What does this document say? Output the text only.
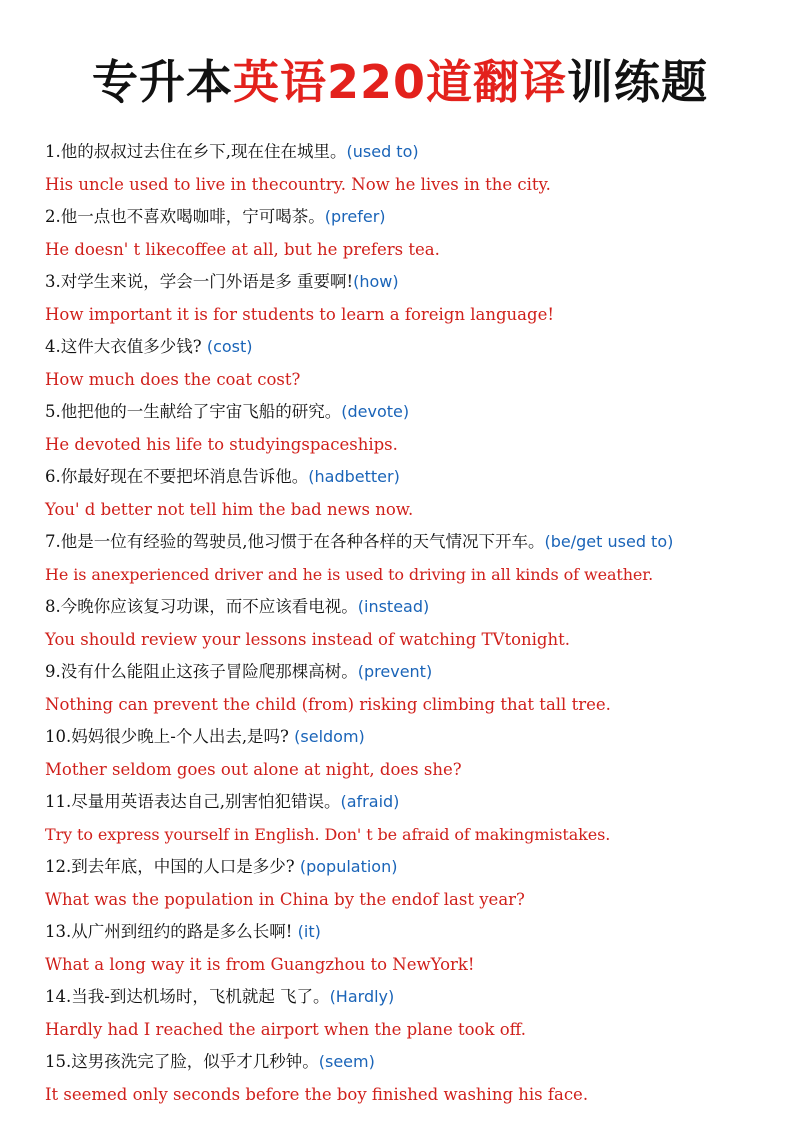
专升本英语220道翻译训练题
1.他的叔叔过去住在乡下,现在住在城里。(used to)
His uncle used to live in thecountry. Now he lives in the city.
2.他一点也不喜欢喝咖啡，宁可喝茶。(prefer)
He doesn' t likecoffee at all, but he prefers tea.
3.对学生来说，学会一门外语是多 重要啊!(how)
How important it is for students to learn a foreign language!
4.这件大衣值多少钱? (cost)
How much does the coat cost?
5.他把他的一生献给了宇宙飞船的研究。(devote)
He devoted his life to studyingspaceships.
6.你最好现在不要把坏消息告诉他。(hadbetter)
You' d better not tell him the bad news now.
7.他是一位有经验的驾驶员,他习惯于在各种各样的天气情况下开车。(be/get used to)
He is anexperienced driver and he is used to driving in all kinds of weather.
8.今晚你应该复习功课，而不应该看电视。(instead)
You should review your lessons instead of watching TVtonight.
9.没有什么能阻止这孩子冒险爬那棵高树。(prevent)
Nothing can prevent the child (from) risking climbing that tall tree.
10.妈妈很少晚上-个人出去,是吗? (seldom)
Mother seldom goes out alone at night, does she?
11.尽量用英语表达自己,别害怕犯错误。(afraid)
Try to express yourself in English. Don' t be afraid of makingmistakes.
12.到去年底，中国的人口是多少? (population)
What was the population in China by the endof last year?
13.从广州到纽约的路是多么长啊! (it)
What a long way it is from Guangzhou to NewYork!
14.当我-到达机场时，飞机就起 飞了。(Hardly)
Hardly had I reached the airport when the plane took off.
15.这男孩洗完了脸，似乎才几秒钟。(seem)
It seemed only seconds before the boy finished washing his face.
